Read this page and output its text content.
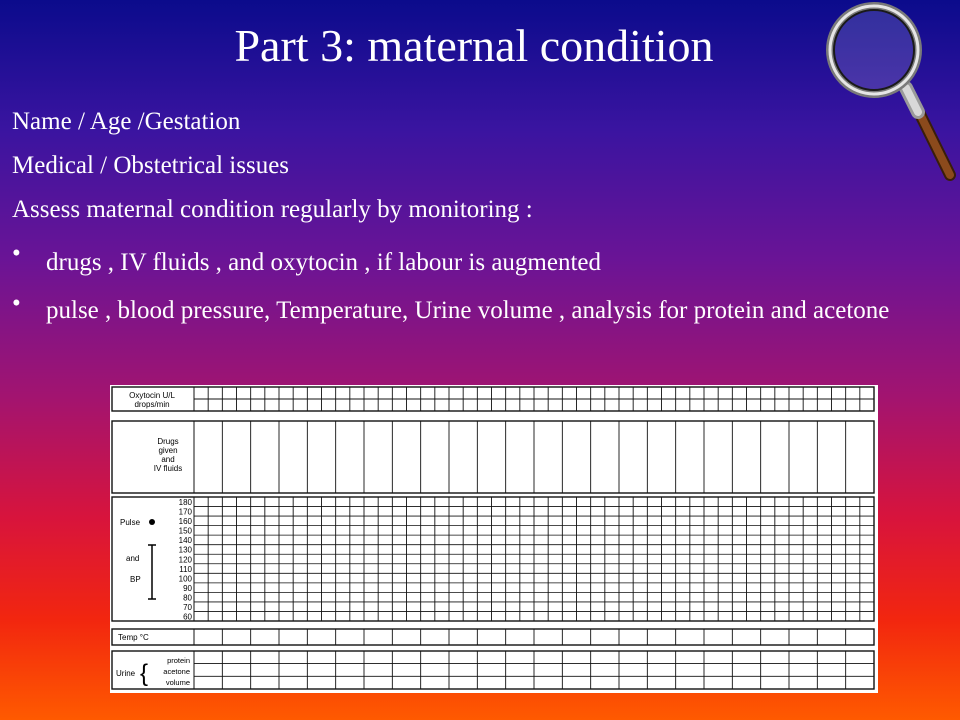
Part 3: maternal condition
Name / Age /Gestation
Medical / Obstetrical issues
Assess maternal condition regularly by monitoring :
• drugs , IV fluids , and oxytocin , if labour is augmented
• pulse , blood pressure, Temperature, Urine volume , analysis for protein and acetone
Oxytocin U/L
drops/min
Drugs
given
and
IV fluids
Pulse
and
BP
Temp °C
Urine {	protein
acetone
volume
180
170
160
150
140
130
120
110
100
90
80
70
60
